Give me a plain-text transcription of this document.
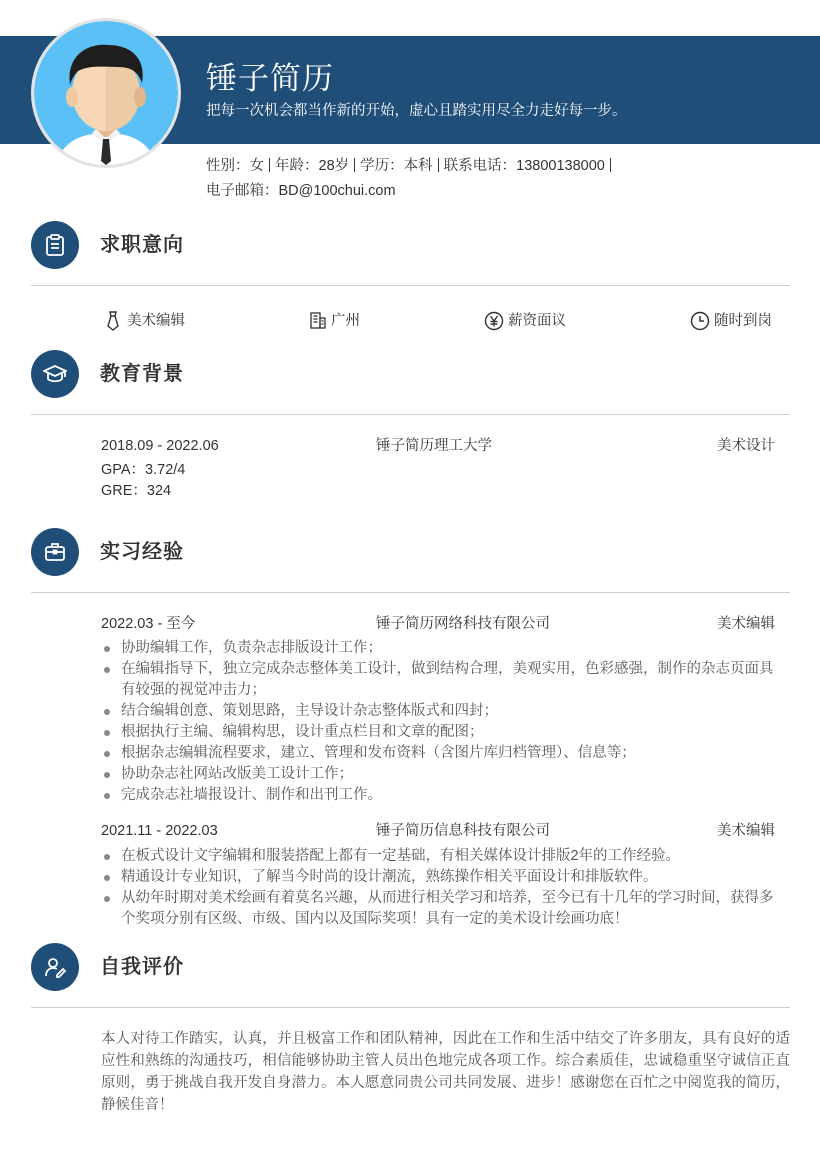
锤子简历
把每一次机会都当作新的开始，虚心且踏实用尽全力走好每一步。
性别：女 年龄：28岁 学历：本科 联系电话：13800138000
电子邮箱：BD@100chui.com
求职意向
美术编辑	广州	薪资面议	随时到岗
教育背景
2018.09 - 2022.06	锤子简历理工大学	美术设计
GPA：3.72/4
GRE：324
实习经验
2022.03 - 至今	锤子简历网络科技有限公司	美术编辑
协助编辑工作，负责杂志排版设计工作；
在编辑指导下，独立完成杂志整体美工设计，做到结构合理，美观实用，色彩感强，制作的杂志页面具有较强的视觉冲击力；
结合编辑创意、策划思路，主导设计杂志整体版式和四封；
根据执行主编、编辑构思，设计重点栏目和文章的配图；
根据杂志编辑流程要求，建立、管理和发布资料（含图片库归档管理）、信息等；
协助杂志社网站改版美工设计工作；
完成杂志社墙报设计、制作和出刊工作。
2021.11 - 2022.03	锤子简历信息科技有限公司	美术编辑
在板式设计文字编辑和服装搭配上都有一定基础，有相关媒体设计排版2年的工作经验。
精通设计专业知识，了解当今时尚的设计潮流，熟练操作相关平面设计和排版软件。
从幼年时期对美术绘画有着莫名兴趣，从而进行相关学习和培养，至今已有十几年的学习时间，获得多个奖项分别有区级、市级、国内以及国际奖项！具有一定的美术设计绘画功底！
自我评价
本人对待工作踏实，认真，并且极富工作和团队精神，因此在工作和生活中结交了许多朋友，具有良好的适应性和熟练的沟通技巧，相信能够协助主管人员出色地完成各项工作。综合素质佳，忠诚稳重坚守诚信正直原则，勇于挑战自我开发自身潜力。本人愿意同贵公司共同发展、进步！感谢您在百忙之中阅览我的简历，静候佳音！
